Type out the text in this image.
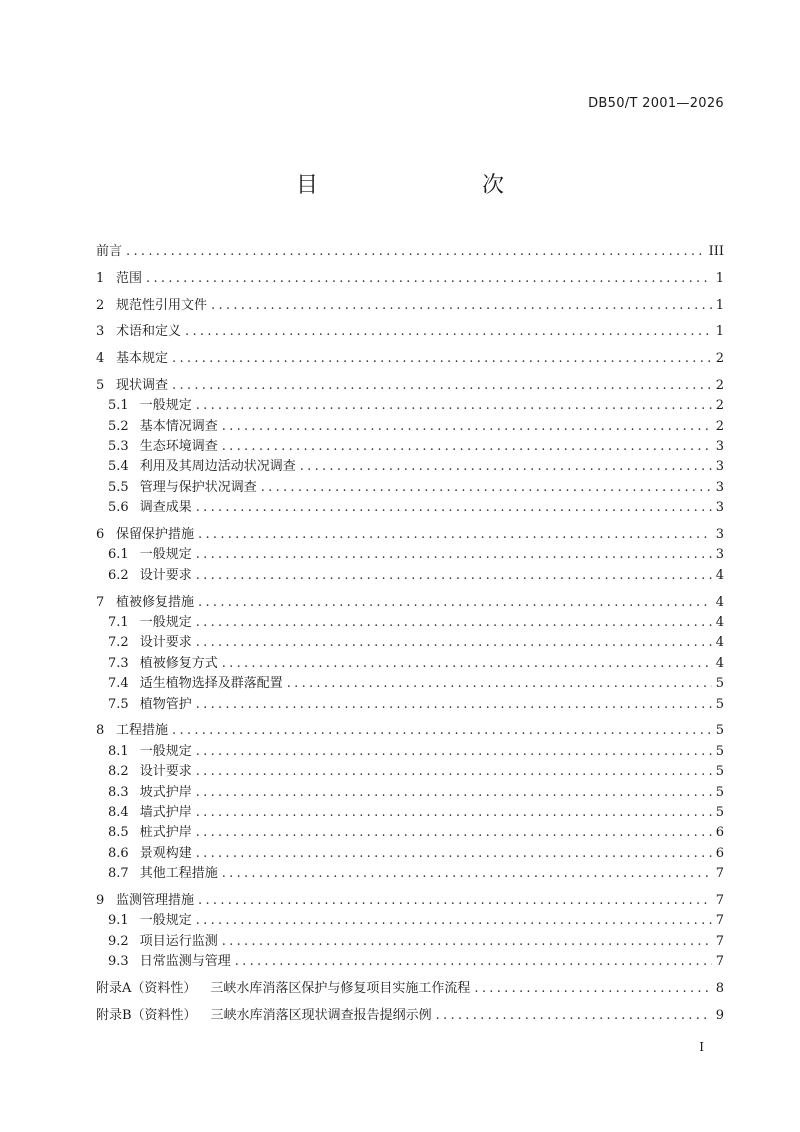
DB50/T 2001—2026
目　　次
前言 .....	III
1 范围 .....	1
2 规范性引用文件 .....	1
3 术语和定义 .....	1
4 基本规定 .....	2
5 现状调查 .....	2
5.1 一般规定 .....	2
5.2 基本情况调查 .....	2
5.3 生态环境调查 .....	3
5.4 利用及其周边活动状况调查 .....	3
5.5 管理与保护状况调查 .....	3
5.6 调查成果 .....	3
6 保留保护措施 .....	3
6.1 一般规定 .....	3
6.2 设计要求 .....	4
7 植被修复措施 .....	4
7.1 一般规定 .....	4
7.2 设计要求 .....	4
7.3 植被修复方式 .....	4
7.4 适生植物选择及群落配置 .....	5
7.5 植物管护 .....	5
8 工程措施 .....	5
8.1 一般规定 .....	5
8.2 设计要求 .....	5
8.3 坡式护岸 .....	5
8.4 墙式护岸 .....	5
8.5 桩式护岸 .....	6
8.6 景观构建 .....	6
8.7 其他工程措施 .....	7
9 监测管理措施 .....	7
9.1 一般规定 .....	7
9.2 项目运行监测 .....	7
9.3 日常监测与管理 .....	7
附录A（资料性） 三峡水库消落区保护与修复项目实施工作流程 .....	8
附录B（资料性） 三峡水库消落区现状调查报告提纲示例 .....	9
I
